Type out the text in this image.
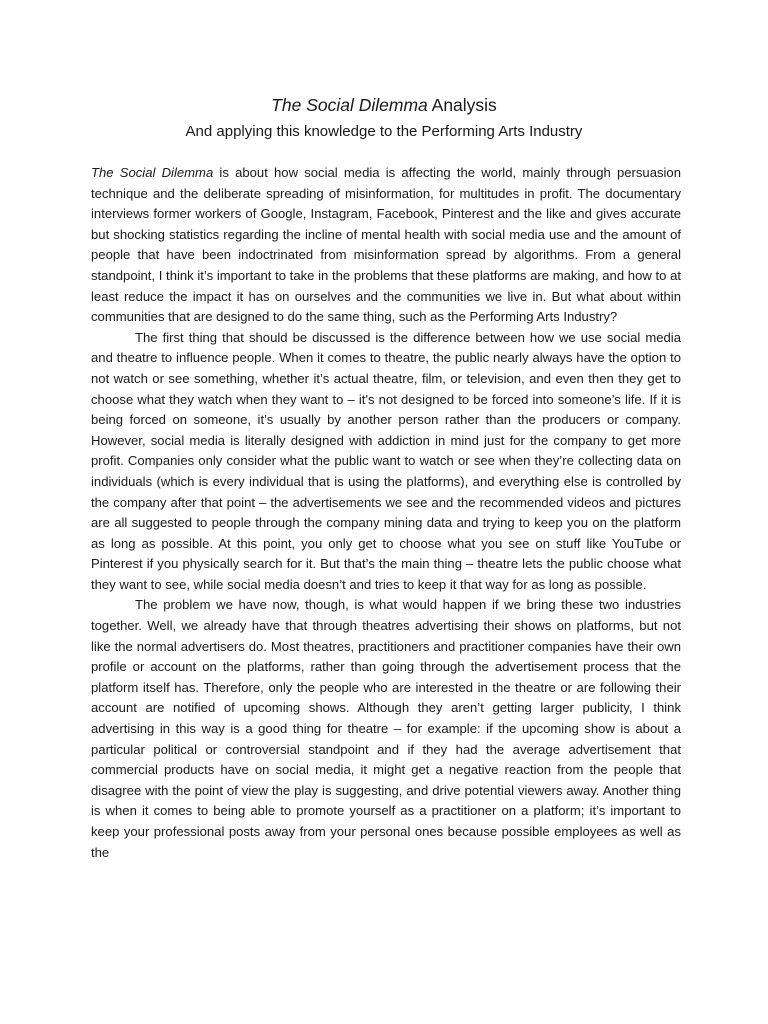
The Social Dilemma Analysis
And applying this knowledge to the Performing Arts Industry

The Social Dilemma is about how social media is affecting the world, mainly through persuasion technique and the deliberate spreading of misinformation, for multitudes in profit. The documentary interviews former workers of Google, Instagram, Facebook, Pinterest and the like and gives accurate but shocking statistics regarding the incline of mental health with social media use and the amount of people that have been indoctrinated from misinformation spread by algorithms. From a general standpoint, I think it’s important to take in the problems that these platforms are making, and how to at least reduce the impact it has on ourselves and the communities we live in. But what about within communities that are designed to do the same thing, such as the Performing Arts Industry?

The first thing that should be discussed is the difference between how we use social media and theatre to influence people. When it comes to theatre, the public nearly always have the option to not watch or see something, whether it’s actual theatre, film, or television, and even then they get to choose what they watch when they want to – it's not designed to be forced into someone’s life. If it is being forced on someone, it’s usually by another person rather than the producers or company. However, social media is literally designed with addiction in mind just for the company to get more profit. Companies only consider what the public want to watch or see when they’re collecting data on individuals (which is every individual that is using the platforms), and everything else is controlled by the company after that point – the advertisements we see and the recommended videos and pictures are all suggested to people through the company mining data and trying to keep you on the platform as long as possible. At this point, you only get to choose what you see on stuff like YouTube or Pinterest if you physically search for it. But that’s the main thing – theatre lets the public choose what they want to see, while social media doesn’t and tries to keep it that way for as long as possible.

The problem we have now, though, is what would happen if we bring these two industries together. Well, we already have that through theatres advertising their shows on platforms, but not like the normal advertisers do. Most theatres, practitioners and practitioner companies have their own profile or account on the platforms, rather than going through the advertisement process that the platform itself has. Therefore, only the people who are interested in the theatre or are following their account are notified of upcoming shows. Although they aren’t getting larger publicity, I think advertising in this way is a good thing for theatre – for example: if the upcoming show is about a particular political or controversial standpoint and if they had the average advertisement that commercial products have on social media, it might get a negative reaction from the people that disagree with the point of view the play is suggesting, and drive potential viewers away. Another thing is when it comes to being able to promote yourself as a practitioner on a platform; it’s important to keep your professional posts away from your personal ones because possible employees as well as the
